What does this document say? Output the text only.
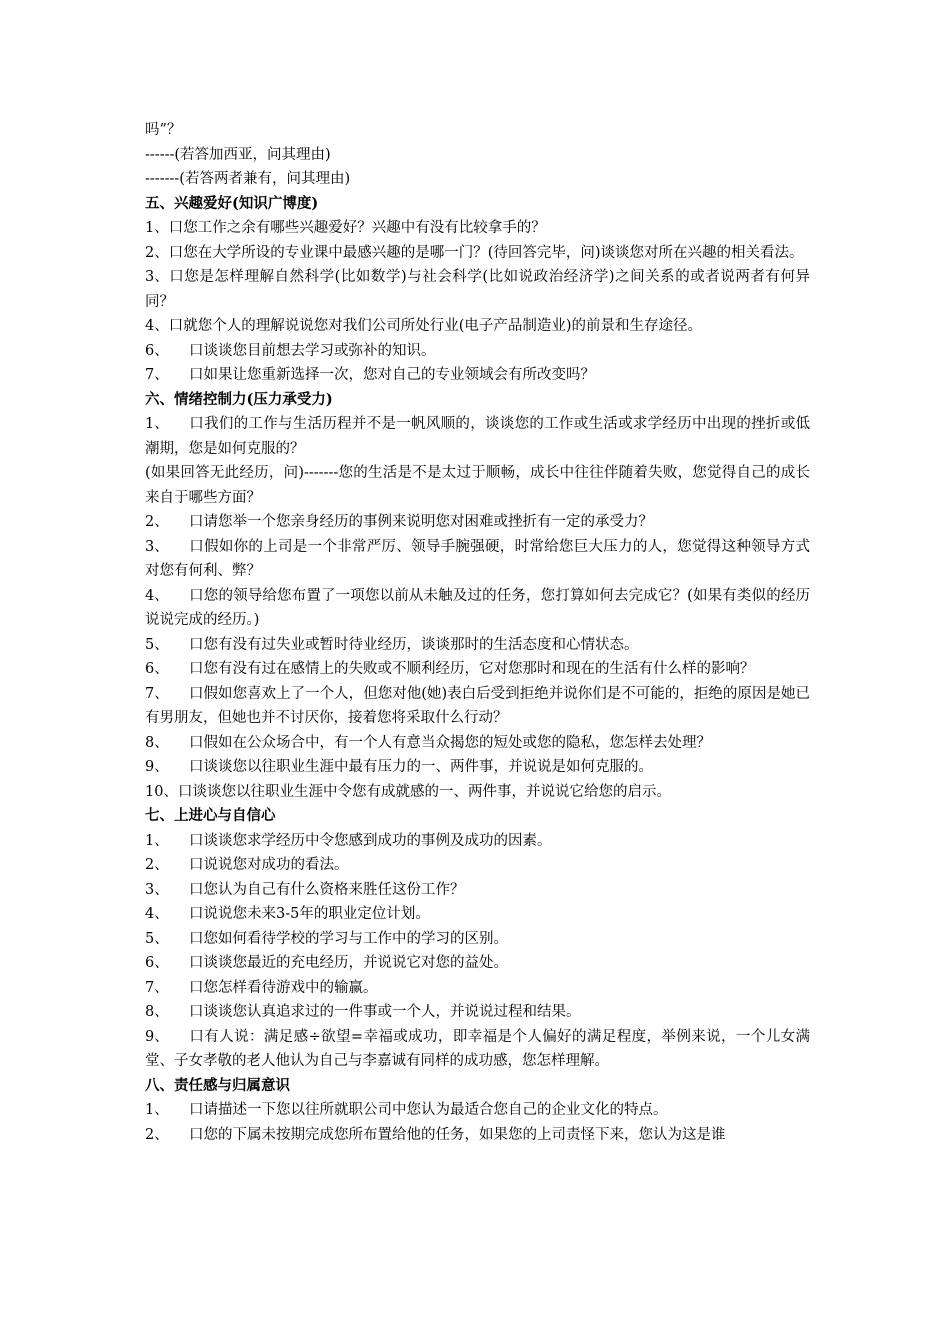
吗”？

------(若答加西亚，问其理由)

-------(若答两者兼有，问其理由)

五、兴趣爱好(知识广博度)

1、口您工作之余有哪些兴趣爱好？兴趣中有没有比较拿手的？

2、口您在大学所设的专业课中最感兴趣的是哪一门？(待回答完毕，问)谈谈您对所在兴趣的相关看法。

3、口您是怎样理解自然科学(比如数学)与社会科学(比如说政治经济学)之间关系的或者说两者有何异同？

4、口就您个人的理解说说您对我们公司所处行业(电子产品制造业)的前景和生存途径。

6、 口谈谈您目前想去学习或弥补的知识。

7、 口如果让您重新选择一次，您对自己的专业领域会有所改变吗？

六、情绪控制力(压力承受力)

1、 口我们的工作与生活历程并不是一帆风顺的，谈谈您的工作或生活或求学经历中出现的挫折或低潮期，您是如何克服的？

(如果回答无此经历，问)-------您的生活是不是太过于顺畅，成长中往往伴随着失败，您觉得自己的成长来自于哪些方面？

2、 口请您举一个您亲身经历的事例来说明您对困难或挫折有一定的承受力？

3、 口假如你的上司是一个非常严厉、领导手腕强硬，时常给您巨大压力的人，您觉得这种领导方式对您有何利、弊？

4、 口您的领导给您布置了一项您以前从未触及过的任务，您打算如何去完成它？(如果有类似的经历说说完成的经历。)

5、 口您有没有过失业或暂时待业经历，谈谈那时的生活态度和心情状态。

6、 口您有没有过在感情上的失败或不顺利经历，它对您那时和现在的生活有什么样的影响？

7、 口假如您喜欢上了一个人，但您对他(她)表白后受到拒绝并说你们是不可能的，拒绝的原因是她已有男朋友，但她也并不讨厌你，接着您将采取什么行动？

8、 口假如在公众场合中，有一个人有意当众揭您的短处或您的隐私，您怎样去处理？

9、 口谈谈您以往职业生涯中最有压力的一、两件事，并说说是如何克服的。

10、口谈谈您以往职业生涯中令您有成就感的一、两件事，并说说它给您的启示。

七、上进心与自信心

1、 口谈谈您求学经历中令您感到成功的事例及成功的因素。

2、 口说说您对成功的看法。

3、 口您认为自己有什么资格来胜任这份工作？

4、 口说说您未来3-5年的职业定位计划。

5、 口您如何看待学校的学习与工作中的学习的区别。

6、 口谈谈您最近的充电经历，并说说它对您的益处。

7、 口您怎样看待游戏中的输赢。

8、 口谈谈您认真追求过的一件事或一个人，并说说过程和结果。

9、 口有人说：满足感÷欲望=幸福或成功，即幸福是个人偏好的满足程度，举例来说，一个儿女满堂、子女孝敬的老人他认为自己与李嘉诚有同样的成功感，您怎样理解。

八、责任感与归属意识

1、 口请描述一下您以往所就职公司中您认为最适合您自己的企业文化的特点。

2、 口您的下属未按期完成您所布置给他的任务，如果您的上司责怪下来，您认为这是谁
